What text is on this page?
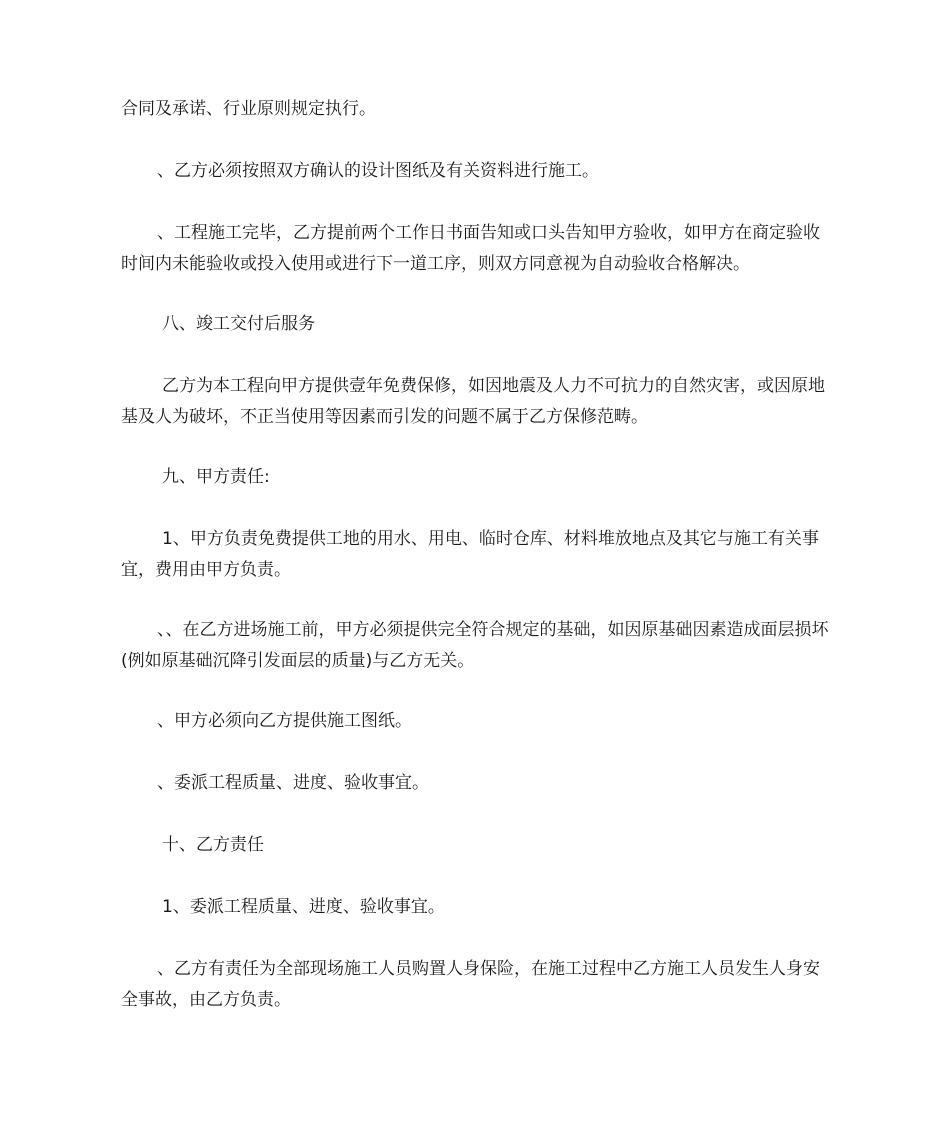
合同及承诺、行业原则规定执行。

、乙方必须按照双方确认的设计图纸及有关资料进行施工。

、工程施工完毕，乙方提前两个工作日书面告知或口头告知甲方验收，如甲方在商定验收时间内未能验收或投入使用或进行下一道工序，则双方同意视为自动验收合格解决。

八、竣工交付后服务

乙方为本工程向甲方提供壹年免费保修，如因地震及人力不可抗力的自然灾害，或因原地基及人为破坏，不正当使用等因素而引发的问题不属于乙方保修范畴。

九、甲方责任:

1、甲方负责免费提供工地的用水、用电、临时仓库、材料堆放地点及其它与施工有关事宜，费用由甲方负责。

、、在乙方进场施工前，甲方必须提供完全符合规定的基础，如因原基础因素造成面层损坏(例如原基础沉降引发面层的质量)与乙方无关。

、甲方必须向乙方提供施工图纸。

、委派工程质量、进度、验收事宜。

十、乙方责任

1、委派工程质量、进度、验收事宜。

、乙方有责任为全部现场施工人员购置人身保险，在施工过程中乙方施工人员发生人身安全事故，由乙方负责。
